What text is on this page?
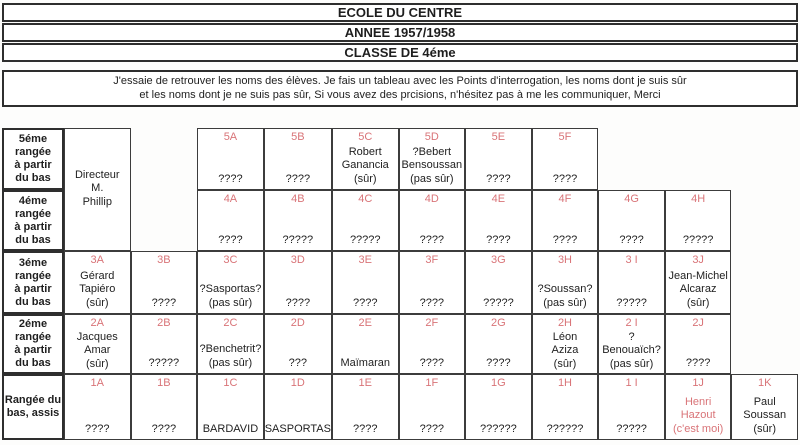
ECOLE DU CENTRE
ANNEE 1957/1958
CLASSE DE 4éme
J'essaie de retrouver les noms des élèves. Je fais un tableau avec les Points d'interrogation, les noms dont je suis sûr
et les noms dont je ne suis pas sûr, Si vous avez des prcisions, n'hésitez pas à me les communiquer, Merci
Directeur
M.
Phillip
5éme
rangée
à partir
du bas
5A
????
5B
????
5C
Robert
Ganancia
(sûr)
5D
?Bebert
Bensoussan
(pas sûr)
5E
????
5F
????
4éme
rangée
à partir
du bas
4A
????
4B
?????
4C
?????
4D
????
4E
????
4F
????
4G
????
4H
?????
3éme
rangée
à partir
du bas
3A
Gérard
Tapiéro
(sûr)
3B
????
3C
?Sasportas?
(pas sûr)
3D
????
3E
????
3F
????
3G
?????
3H
?Soussan?
(pas sûr)
3 I
?????
3J
Jean-Michel
Alcaraz
(sûr)
2éme
rangée
à partir
du bas
2A
Jacques
Amar
(sûr)
2B
?????
2C
?Benchetrit?
(pas sûr)
2D
???
2E
Maïmaran
2F
????
2G
????
2H
Léon
Aziza
(sûr)
2 I
?Benouaïch?
(pas sûr)
2J
????
Rangée du
bas, assis
1A
????
1B
????
1C
BARDAVID
1D
SASPORTAS
1E
????
1F
????
1G
??????
1H
??????
1 I
?????
1J
Henri
Hazout
(c'est moi)
1K
Paul
Soussan
(sûr)
